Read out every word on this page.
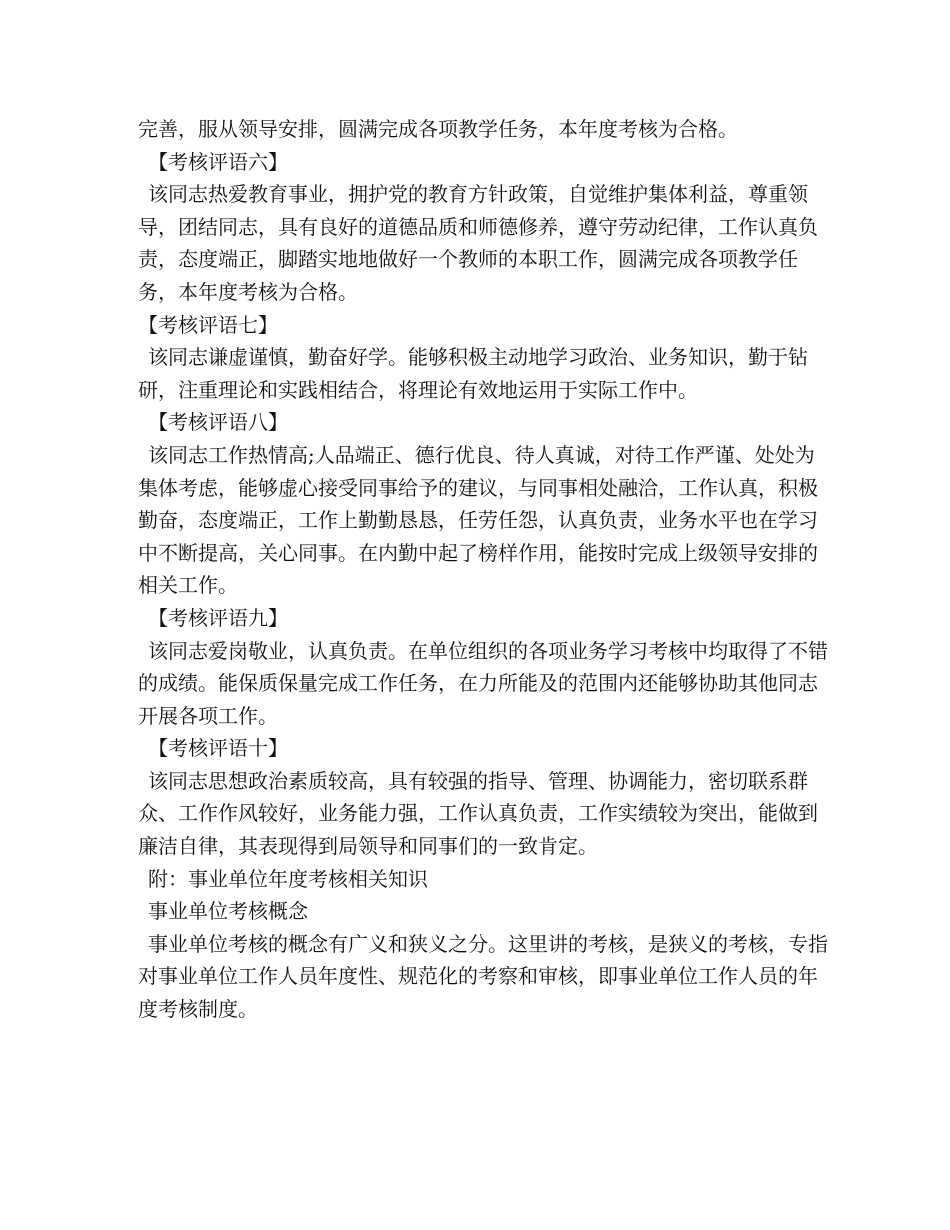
完善，服从领导安排，圆满完成各项教学任务，本年度考核为合格。

【考核评语六】

该同志热爱教育事业，拥护党的教育方针政策，自觉维护集体利益，尊重领导，团结同志，具有良好的道德品质和师德修养，遵守劳动纪律，工作认真负责，态度端正，脚踏实地地做好一个教师的本职工作，圆满完成各项教学任务，本年度考核为合格。

【考核评语七】

该同志谦虚谨慎，勤奋好学。能够积极主动地学习政治、业务知识，勤于钻研，注重理论和实践相结合，将理论有效地运用于实际工作中。

【考核评语八】

该同志工作热情高;人品端正、德行优良、待人真诚，对待工作严谨、处处为集体考虑，能够虚心接受同事给予的建议，与同事相处融洽，工作认真，积极勤奋，态度端正，工作上勤勤恳恳，任劳任怨，认真负责，业务水平也在学习中不断提高，关心同事。在内勤中起了榜样作用，能按时完成上级领导安排的相关工作。

【考核评语九】

该同志爱岗敬业，认真负责。在单位组织的各项业务学习考核中均取得了不错的成绩。能保质保量完成工作任务，在力所能及的范围内还能够协助其他同志开展各项工作。

【考核评语十】

该同志思想政治素质较高，具有较强的指导、管理、协调能力，密切联系群众、工作作风较好，业务能力强，工作认真负责，工作实绩较为突出，能做到廉洁自律，其表现得到局领导和同事们的一致肯定。

附：事业单位年度考核相关知识

事业单位考核概念

事业单位考核的概念有广义和狭义之分。这里讲的考核，是狭义的考核，专指对事业单位工作人员年度性、规范化的考察和审核，即事业单位工作人员的年度考核制度。
